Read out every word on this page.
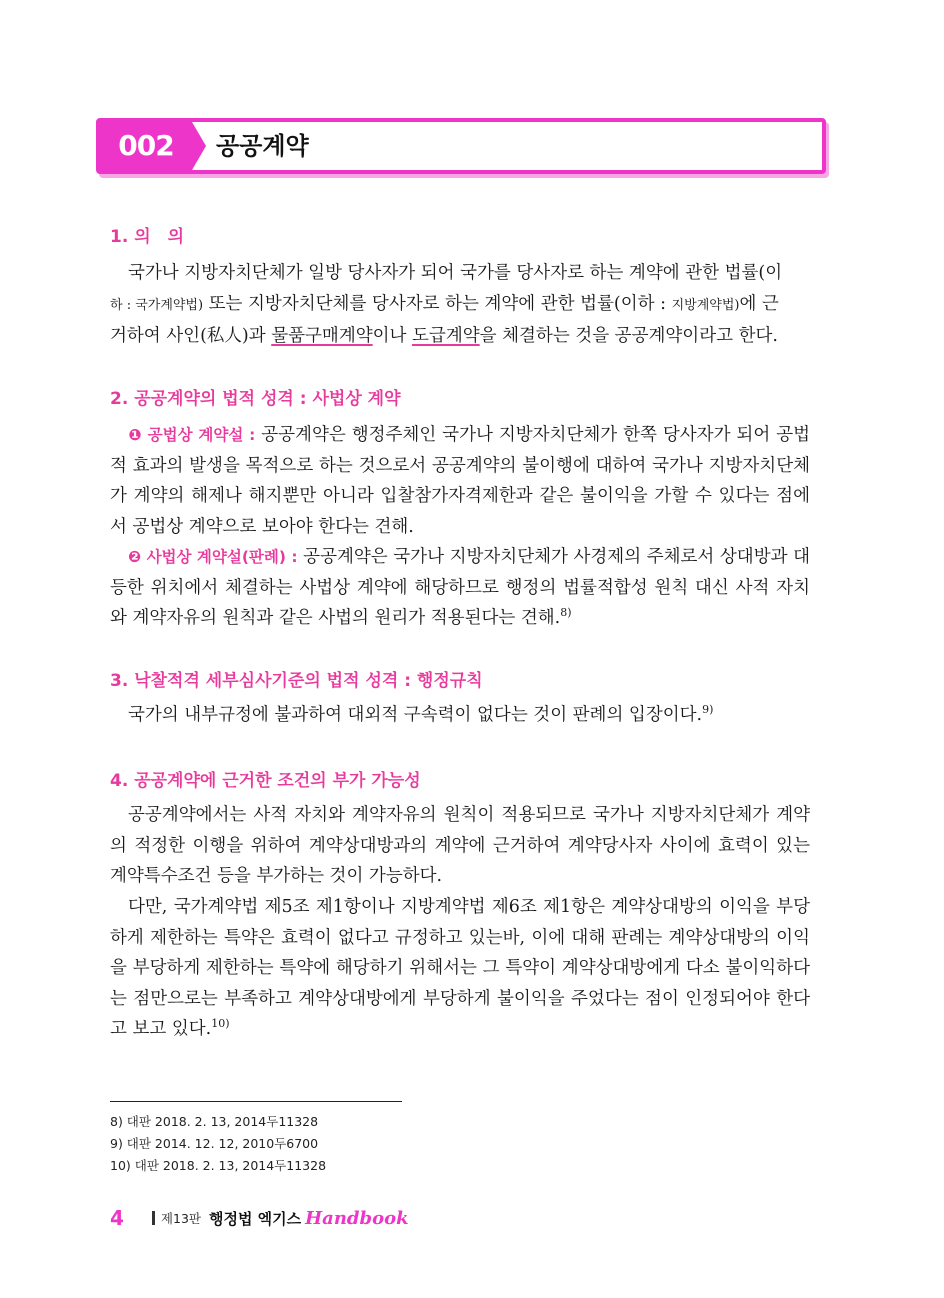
002	공공계약
1. 의　의

국가나 지방자치단체가 일방 당사자가 되어 국가를 당사자로 하는 계약에 관한 법률(이
하 : 국가계약법) 또는 지방자치단체를 당사자로 하는 계약에 관한 법률(이하 : 지방계약법)에 근
거하여 사인(私人)과 물품구매계약이나 도급계약을 체결하는 것을 공공계약이라고 한다.

2. 공공계약의 법적 성격 : 사법상 계약

❶ 공법상 계약설 : 공공계약은 행정주체인 국가나 지방자치단체가 한쪽 당사자가 되어 공법적 효과의 발생을 목적으로 하는 것으로서 공공계약의 불이행에 대하여 국가나 지방자치단체가 계약의 해제나 해지뿐만 아니라 입찰참가자격제한과 같은 불이익을 가할 수 있다는 점에서 공법상 계약으로 보아야 한다는 견해.

❷ 사법상 계약설(판례) : 공공계약은 국가나 지방자치단체가 사경제의 주체로서 상대방과 대등한 위치에서 체결하는 사법상 계약에 해당하므로 행정의 법률적합성 원칙 대신 사적 자치와 계약자유의 원칙과 같은 사법의 원리가 적용된다는 견해.$^{8)}$

3. 낙찰적격 세부심사기준의 법적 성격 : 행정규칙

국가의 내부규정에 불과하여 대외적 구속력이 없다는 것이 판례의 입장이다.$^{9)}$

4. 공공계약에 근거한 조건의 부가 가능성

공공계약에서는 사적 자치와 계약자유의 원칙이 적용되므로 국가나 지방자치단체가 계약의 적정한 이행을 위하여 계약상대방과의 계약에 근거하여 계약당사자 사이에 효력이 있는 계약특수조건 등을 부가하는 것이 가능하다.

다만, 국가계약법 제5조 제1항이나 지방계약법 제6조 제1항은 계약상대방의 이익을 부당하게 제한하는 특약은 효력이 없다고 규정하고 있는바, 이에 대해 판례는 계약상대방의 이익을 부당하게 제한하는 특약에 해당하기 위해서는 그 특약이 계약상대방에게 다소 불이익하다는 점만으로는 부족하고 계약상대방에게 부당하게 불이익을 주었다는 점이 인정되어야 한다고 보고 있다.$^{10)}$

8) 대판 2018. 2. 13, 2014두11328
9) 대판 2014. 12. 12, 2010두6700
10) 대판 2018. 2. 13, 2014두11328
4	제13판 행정법 엑기스 Handbook
